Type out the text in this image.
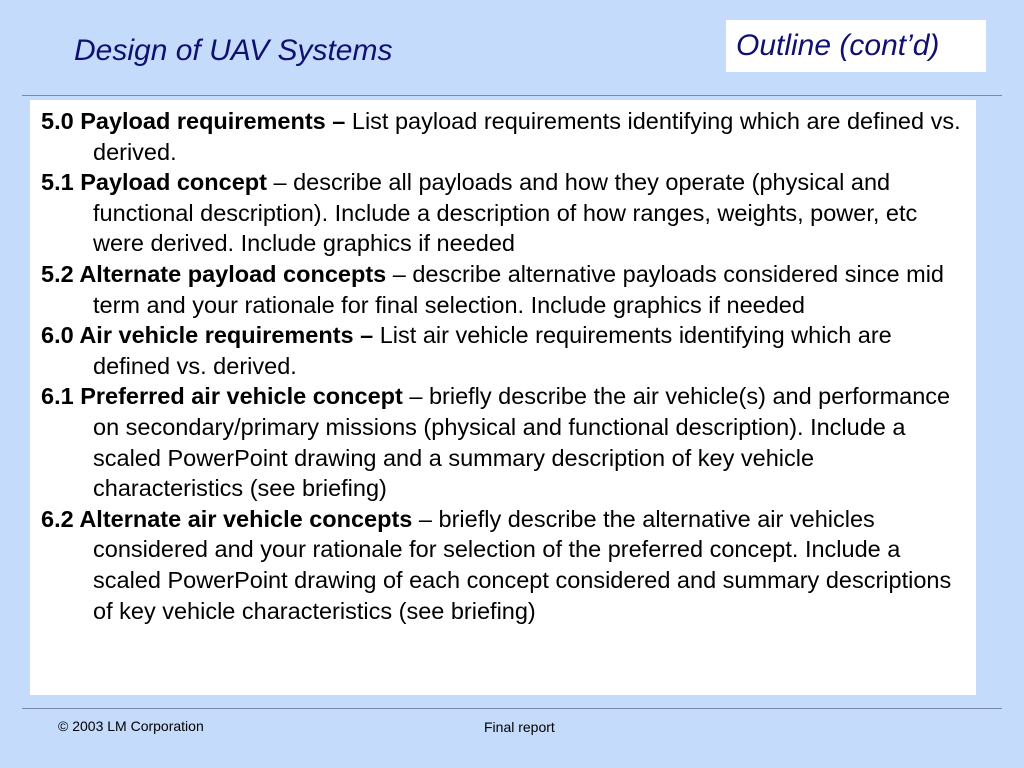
Design of UAV Systems	Outline (cont’d)

5.0 Payload requirements – List payload requirements identifying which are defined vs. derived.

5.1 Payload concept – describe all payloads and how they operate (physical and functional description). Include a description of how ranges, weights, power, etc were derived. Include graphics if needed

5.2 Alternate payload concepts – describe alternative payloads considered since mid term and your rationale for final selection. Include graphics if needed

6.0 Air vehicle requirements – List air vehicle requirements identifying which are defined vs. derived.

6.1 Preferred air vehicle concept – briefly describe the air vehicle(s) and performance on secondary/primary missions (physical and functional description). Include a scaled PowerPoint drawing and a summary description of key vehicle characteristics (see briefing)

6.2 Alternate air vehicle concepts – briefly describe the alternative air vehicles considered and your rationale for selection of the preferred concept. Include a scaled PowerPoint drawing of each concept considered and summary descriptions of key vehicle characteristics (see briefing)

© 2003 LM Corporation	Final report
